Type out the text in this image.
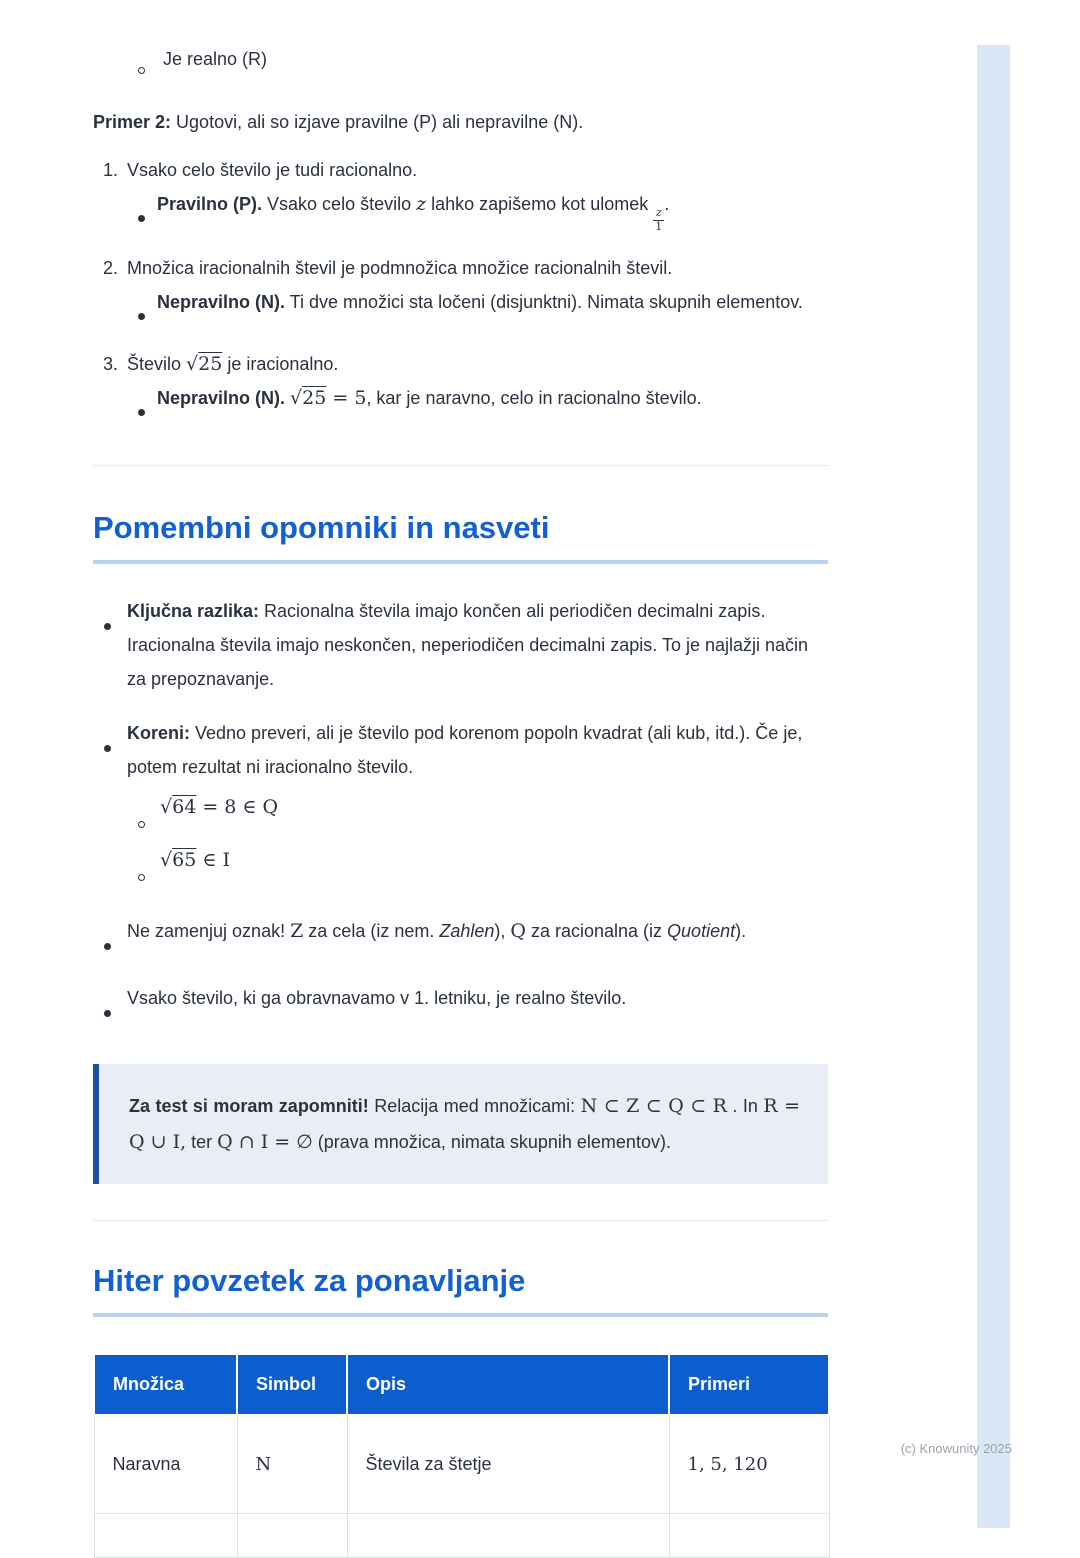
(c) Knowunity 2025
Je realno (R)

Primer 2: Ugotovi, ali so izjave pravilne (P) ali nepravilne (N).

1. Vsako celo število je tudi racionalno.
Pravilno (P). Vsako celo število z lahko zapišemo kot ulomek
$\frac{z}{1}$
.
2. Množica iracionalnih števil je podmnožica množice racionalnih števil.
Nepravilno (N). Ti dve množici sta ločeni (disjunktni). Nimata skupnih elementov.
3. Število √25 je iracionalno.
Nepravilno (N). √25 = 5, kar je naravno, celo in racionalno število.
Pomembni opomniki in nasveti
Ključna razlika: Racionalna števila imajo končen ali periodičen decimalni zapis. Iracionalna števila imajo neskončen, neperiodičen decimalni zapis. To je najlažji način za prepoznavanje.
Koreni: Vedno preveri, ali je število pod korenom popoln kvadrat (ali kub, itd.). Če je, potem rezultat ni iracionalno število.
√64 = 8 ∈ Q
√65 ∈ I
Ne zamenjuj oznak! Z za cela (iz nem. Zahlen), Q za racionalna (iz Quotient).
Vsako število, ki ga obravnavamo v 1. letniku, je realno število.
Za test si moram zapomniti! Relacija med množicami: N ⊂ Z ⊂ Q ⊂ R . In R = Q ∪ I, ter Q ∩ I = ∅ (prava množica, nimata skupnih elementov).
Hiter povzetek za ponavljanje
Množica	Simbol	Opis	Primeri
Naravna	N	Števila za štetje	1, 5, 120
